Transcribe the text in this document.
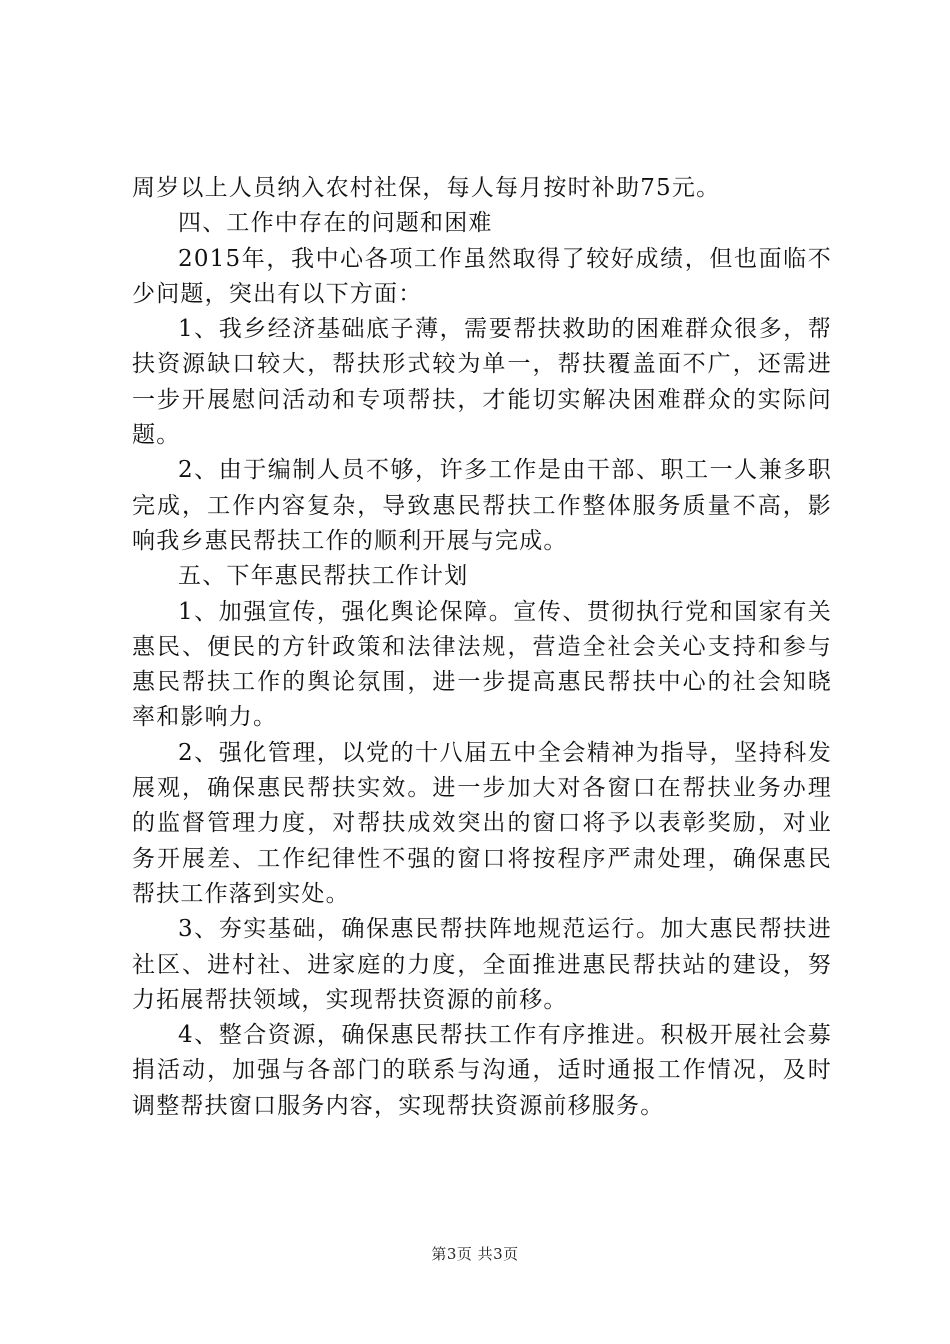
周岁以上人员纳入农村社保，每人每月按时补助75元。

四、工作中存在的问题和困难

2015年，我中心各项工作虽然取得了较好成绩，但也面临不少问题，突出有以下方面：

1、我乡经济基础底子薄，需要帮扶救助的困难群众很多，帮扶资源缺口较大，帮扶形式较为单一，帮扶覆盖面不广，还需进一步开展慰问活动和专项帮扶，才能切实解决困难群众的实际问题。

2、由于编制人员不够，许多工作是由干部、职工一人兼多职完成，工作内容复杂，导致惠民帮扶工作整体服务质量不高，影响我乡惠民帮扶工作的顺利开展与完成。

五、下年惠民帮扶工作计划

1、加强宣传，强化舆论保障。宣传、贯彻执行党和国家有关惠民、便民的方针政策和法律法规，营造全社会关心支持和参与惠民帮扶工作的舆论氛围，进一步提高惠民帮扶中心的社会知晓率和影响力。

2、强化管理，以党的十八届五中全会精神为指导，坚持科发展观，确保惠民帮扶实效。进一步加大对各窗口在帮扶业务办理的监督管理力度，对帮扶成效突出的窗口将予以表彰奖励，对业务开展差、工作纪律性不强的窗口将按程序严肃处理，确保惠民帮扶工作落到实处。

3、夯实基础，确保惠民帮扶阵地规范运行。加大惠民帮扶进社区、进村社、进家庭的力度，全面推进惠民帮扶站的建设，努力拓展帮扶领域，实现帮扶资源的前移。

4、整合资源，确保惠民帮扶工作有序推进。积极开展社会募捐活动，加强与各部门的联系与沟通，适时通报工作情况，及时调整帮扶窗口服务内容，实现帮扶资源前移服务。

第3页 共3页
